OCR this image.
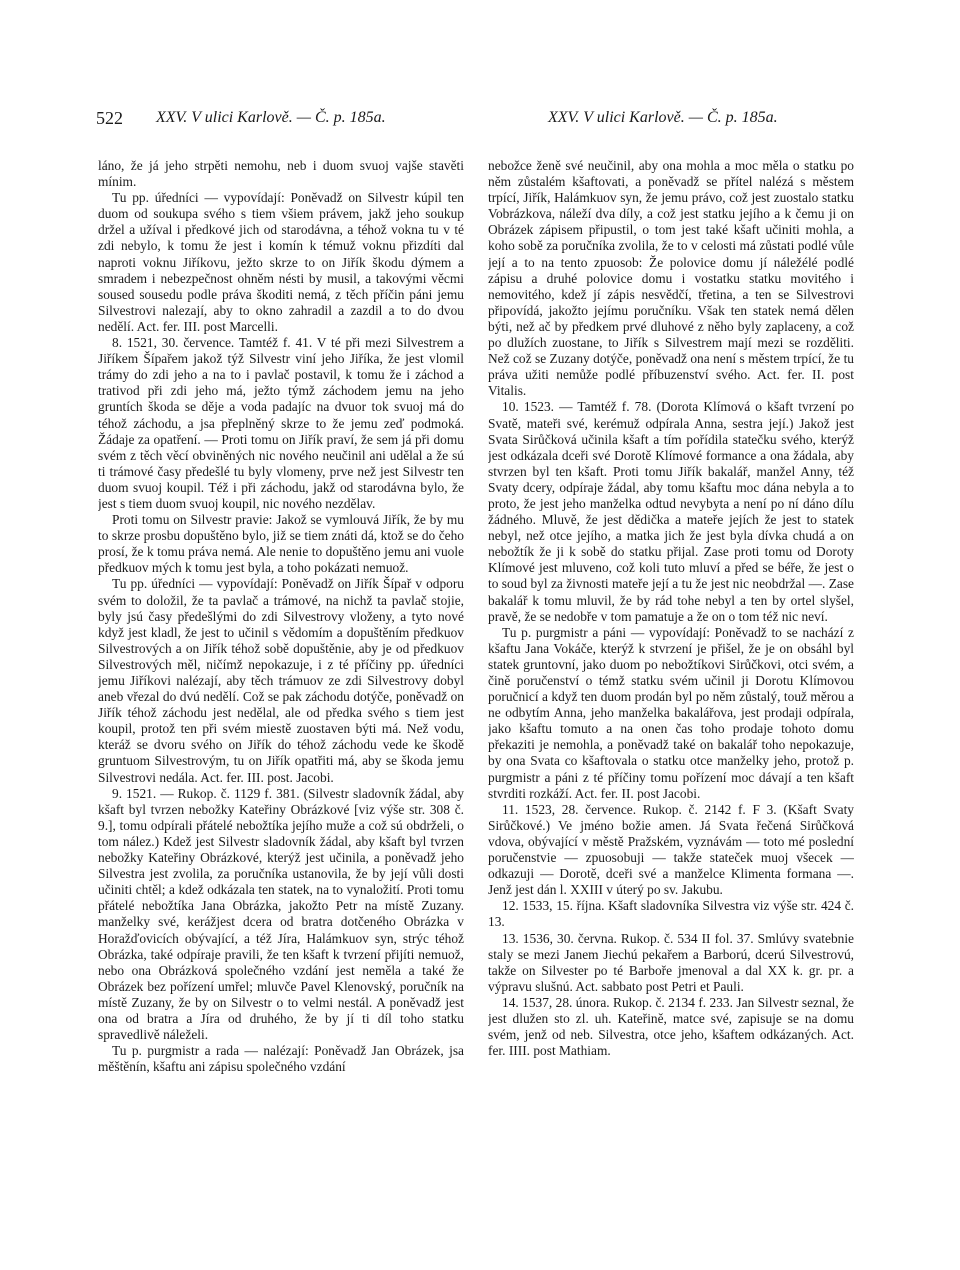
522 XXV. V ulici Karlově. — Č. p. 185a.	XXV. V ulici Karlově. — Č. p. 185a.

láno, že já jeho strpěti nemohu, neb i duom svuoj vajše stavěti mínim.

Tu pp. úředníci — vypovídají: Poněvadž on Silvestr kúpil ten duom od soukupa svého s tiem všiem právem, jakž jeho soukup držel a užíval i předkové jich od starodávna, a téhož vokna tu v té zdi nebylo, k tomu že jest i komín k témuž voknu přizdíti dal naproti voknu Jiříkovu, ježto skrze to on Jiřík škodu dýmem a smradem i nebezpečnost ohněm nésti by musil, a takovými věcmi soused sousedu podle práva škoditi nemá, z těch příčin páni jemu Silvestrovi nalezají, aby to okno zahradil a zazdil a to do dvou nedělí. Act. fer. III. post Marcelli.

8. 1521, 30. července. Tamtéž f. 41. V té při mezi Silvestrem a Jiříkem Šípařem jakož týž Silvestr viní jeho Jiříka, že jest vlomil trámy do zdi jeho a na to i pavlač postavil, k tomu že i záchod a trativod při zdi jeho má, ježto týmž záchodem jemu na jeho gruntích škoda se děje a voda padajíc na dvuor tok svuoj má do téhož záchodu, a jsa přeplněný skrze to že jemu zeď podmoká. Žádaje za opatření. — Proti tomu on Jiřík praví, že sem já při domu svém z těch věcí obviněných nic nového neučinil ani udělal a že sú ti trámové časy předešlé tu byly vlomeny, prve než jest Silvestr ten duom svuoj koupil. Též i při záchodu, jakž od starodávna bylo, že jest s tiem duom svuoj koupil, nic nového nezdělav.

Proti tomu on Silvestr pravie: Jakož se vymlouvá Jiřík, že by mu to skrze prosbu dopuštěno bylo, již se tiem znáti dá, ktož se do čeho prosí, že k tomu práva nemá. Ale nenie to dopuštěno jemu ani vuole předkuov mých k tomu jest byla, a toho pokázati nemuož.

Tu pp. úředníci — vypovídají: Poněvadž on Jiřík Šípař v odporu svém to doložil, že ta pavlač a trámové, na nichž ta pavlač stojie, byly jsú časy předešlými do zdi Silvestrovy vloženy, a tyto nové když jest kladl, že jest to učinil s vědomím a dopuštěním předkuov Silvestrových a on Jiřík téhož sobě dopuštěnie, aby je od předkuov Silvestrových měl, ničímž nepokazuje, i z té příčiny pp. úředníci jemu Jiříkovi nalézají, aby těch trámuov ze zdi Silvestrovy dobyl aneb vřezal do dvú nedělí. Což se pak záchodu dotýče, poněvadž on Jiřík téhož záchodu jest nedělal, ale od předka svého s tiem jest koupil, protož ten při svém miestě zuostaven býti má. Než vodu, kteráž se dvoru svého on Jiřík do téhož záchodu vede ke škodě gruntuom Silvestrovým, tu on Jiřík opatřiti má, aby se škoda jemu Silvestrovi nedála. Act. fer. III. post. Jacobi.

9. 1521. — Rukop. č. 1129 f. 381. (Silvestr sladovník žádal, aby kšaft byl tvrzen nebožky Kateřiny Obrázkové [viz výše str. 308 č. 9.], tomu odpírali přátelé nebožtíka jejího muže a což sú obdrželi, o tom nález.) Kdež jest Silvestr sladovník žádal, aby kšaft byl tvrzen nebožky Kateřiny Obrázkové, kterýž jest učinila, a poněvadž jeho Silvestra jest zvolila, za poručníka ustanovila, že by její vůli dosti učiniti chtěl; a kdež odkázala ten statek, na to vynaložití. Proti tomu přátelé nebožtíka Jana Obrázka, jakožto Petr na místě Zuzany. manželky své, kerážjest dcera od bratra dotčeného Obrázka v Horažďovicích obývající, a též Jíra, Halámkuov syn, strýc téhož Obrázka, také odpíraje pravili, že ten kšaft k tvrzení přijíti nemuož, nebo ona Obrázková společného vzdání jest neměla a také že Obrázek bez pořízení umřel; mluvče Pavel Klenovský, poručník na místě Zuzany, že by on Silvestr o to velmi nestál. A poněvadž jest ona od bratra a Jíra od druhého, že by jí ti díl toho statku spravedlivě náleželi.

Tu p. purgmistr a rada — nalézají: Poněvadž Jan Obrázek, jsa měštěnín, kšaftu ani zápisu společného vzdání

nebožce ženě své neučinil, aby ona mohla a moc měla o statku po něm zůstalém kšaftovati, a poněvadž se přítel nalézá s městem trpící, Jiřík, Halámkuov syn, že jemu právo, což jest zuostalo statku Vobrázkova, náleží dva díly, a což jest statku jejího a k čemu ji on Obrázek zápisem připustil, o tom jest také kšaft učiniti mohla, a koho sobě za poručníka zvolila, že to v celosti má zůstati podlé vůle její a to na tento zpuosob: Že polovice domu jí náležélé podlé zápisu a druhé polovice domu i vostatku statku movitého i nemovitého, kdež jí zápis nesvědčí, třetina, a ten se Silvestrovi připovídá, jakožto jejímu poručníku. Však ten statek nemá dělen býti, než ač by předkem prvé dluhové z něho byly zaplaceny, a což po dlužích zuostane, to Jiřík s Silvestrem mají mezi se rozděliti. Než což se Zuzany dotýče, poněvadž ona není s městem trpící, že tu práva užiti nemůže podlé příbuzenství svého. Act. fer. II. post Vitalis.

10. 1523. — Tamtéž f. 78. (Dorota Klímová o kšaft tvrzení po Svatě, mateři své, kerémuž odpírala Anna, sestra její.) Jakož jest Svata Sirůčková učinila kšaft a tím pořídila statečku svého, kterýž jest odkázala dceři své Dorotě Klímové formance a ona žádala, aby stvrzen byl ten kšaft. Proti tomu Jiřík bakalář, manžel Anny, též Svaty dcery, odpíraje žádal, aby tomu kšaftu moc dána nebyla a to proto, že jest jeho manželka odtud nevybyta a není po ní dáno dílu žádného. Mluvě, že jest dědička a mateře jejích že jest to statek nebyl, než otce jejího, a matka jich že jest byla dívka chudá a on nebožtík že ji k sobě do statku přijal. Zase proti tomu od Doroty Klímové jest mluveno, což koli tuto mluví a před se béře, že jest o to soud byl za živnosti mateře její a tu že jest nic neobdržal —. Zase bakalář k tomu mluvil, že by rád tohe nebyl a ten by ortel slyšel, pravě, že se nedobře v tom pamatuje a že on o tom též nic neví.

Tu p. purgmistr a páni — vypovídají: Poněvadž to se nachází z kšaftu Jana Vokáče, kterýž k stvrzení je přišel, že je on obsáhl byl statek gruntovní, jako duom po nebožtíkovi Sirůčkovi, otci svém, a čině poručenství o témž statku svém učinil ji Dorotu Klímovou poručnicí a když ten duom prodán byl po něm zůstalý, touž měrou a ne odbytím Anna, jeho manželka bakalářova, jest prodaji odpírala, jako kšaftu tomuto a na onen čas toho prodaje tohoto domu překaziti je nemohla, a poněvadž také on bakalář toho nepokazuje, by ona Svata co kšaftovala o statku otce manželky jeho, protož p. purgmistr a páni z té příčiny tomu pořízení moc dávají a ten kšaft stvrditi rozkáží. Act. fer. II. post Jacobi.

11. 1523, 28. července. Rukop. č. 2142 f. F 3. (Kšaft Svaty Sirůčkové.) Ve jméno božie amen. Já Svata řečená Sirůčková vdova, obývající v městě Pražském, vyznávám — toto mé poslední poručenstvie — zpuosobuji — takže stateček muoj všecek — odkazuji — Dorotě, dceři své a manželce Klimenta formana —. Jenž jest dán l. XXIII v úterý po sv. Jakubu.

12. 1533, 15. října. Kšaft sladovníka Silvestra viz výše str. 424 č. 13.

13. 1536, 30. června. Rukop. č. 534 II fol. 37. Smlúvy svatebnie staly se mezi Janem Jiechú pekařem a Barború, dcerú Silvestrovú, takže on Silvester po té Barboře jmenoval a dal XX k. gr. pr. a výpravu slušnú. Act. sabbato post Petri et Pauli.

14. 1537, 28. února. Rukop. č. 2134 f. 233. Jan Silvestr seznal, že jest dlužen sto zl. uh. Kateřině, matce své, zapisuje se na domu svém, jenž od neb. Silvestra, otce jeho, kšaftem odkázaných. Act. fer. IIII. post Mathiam.
